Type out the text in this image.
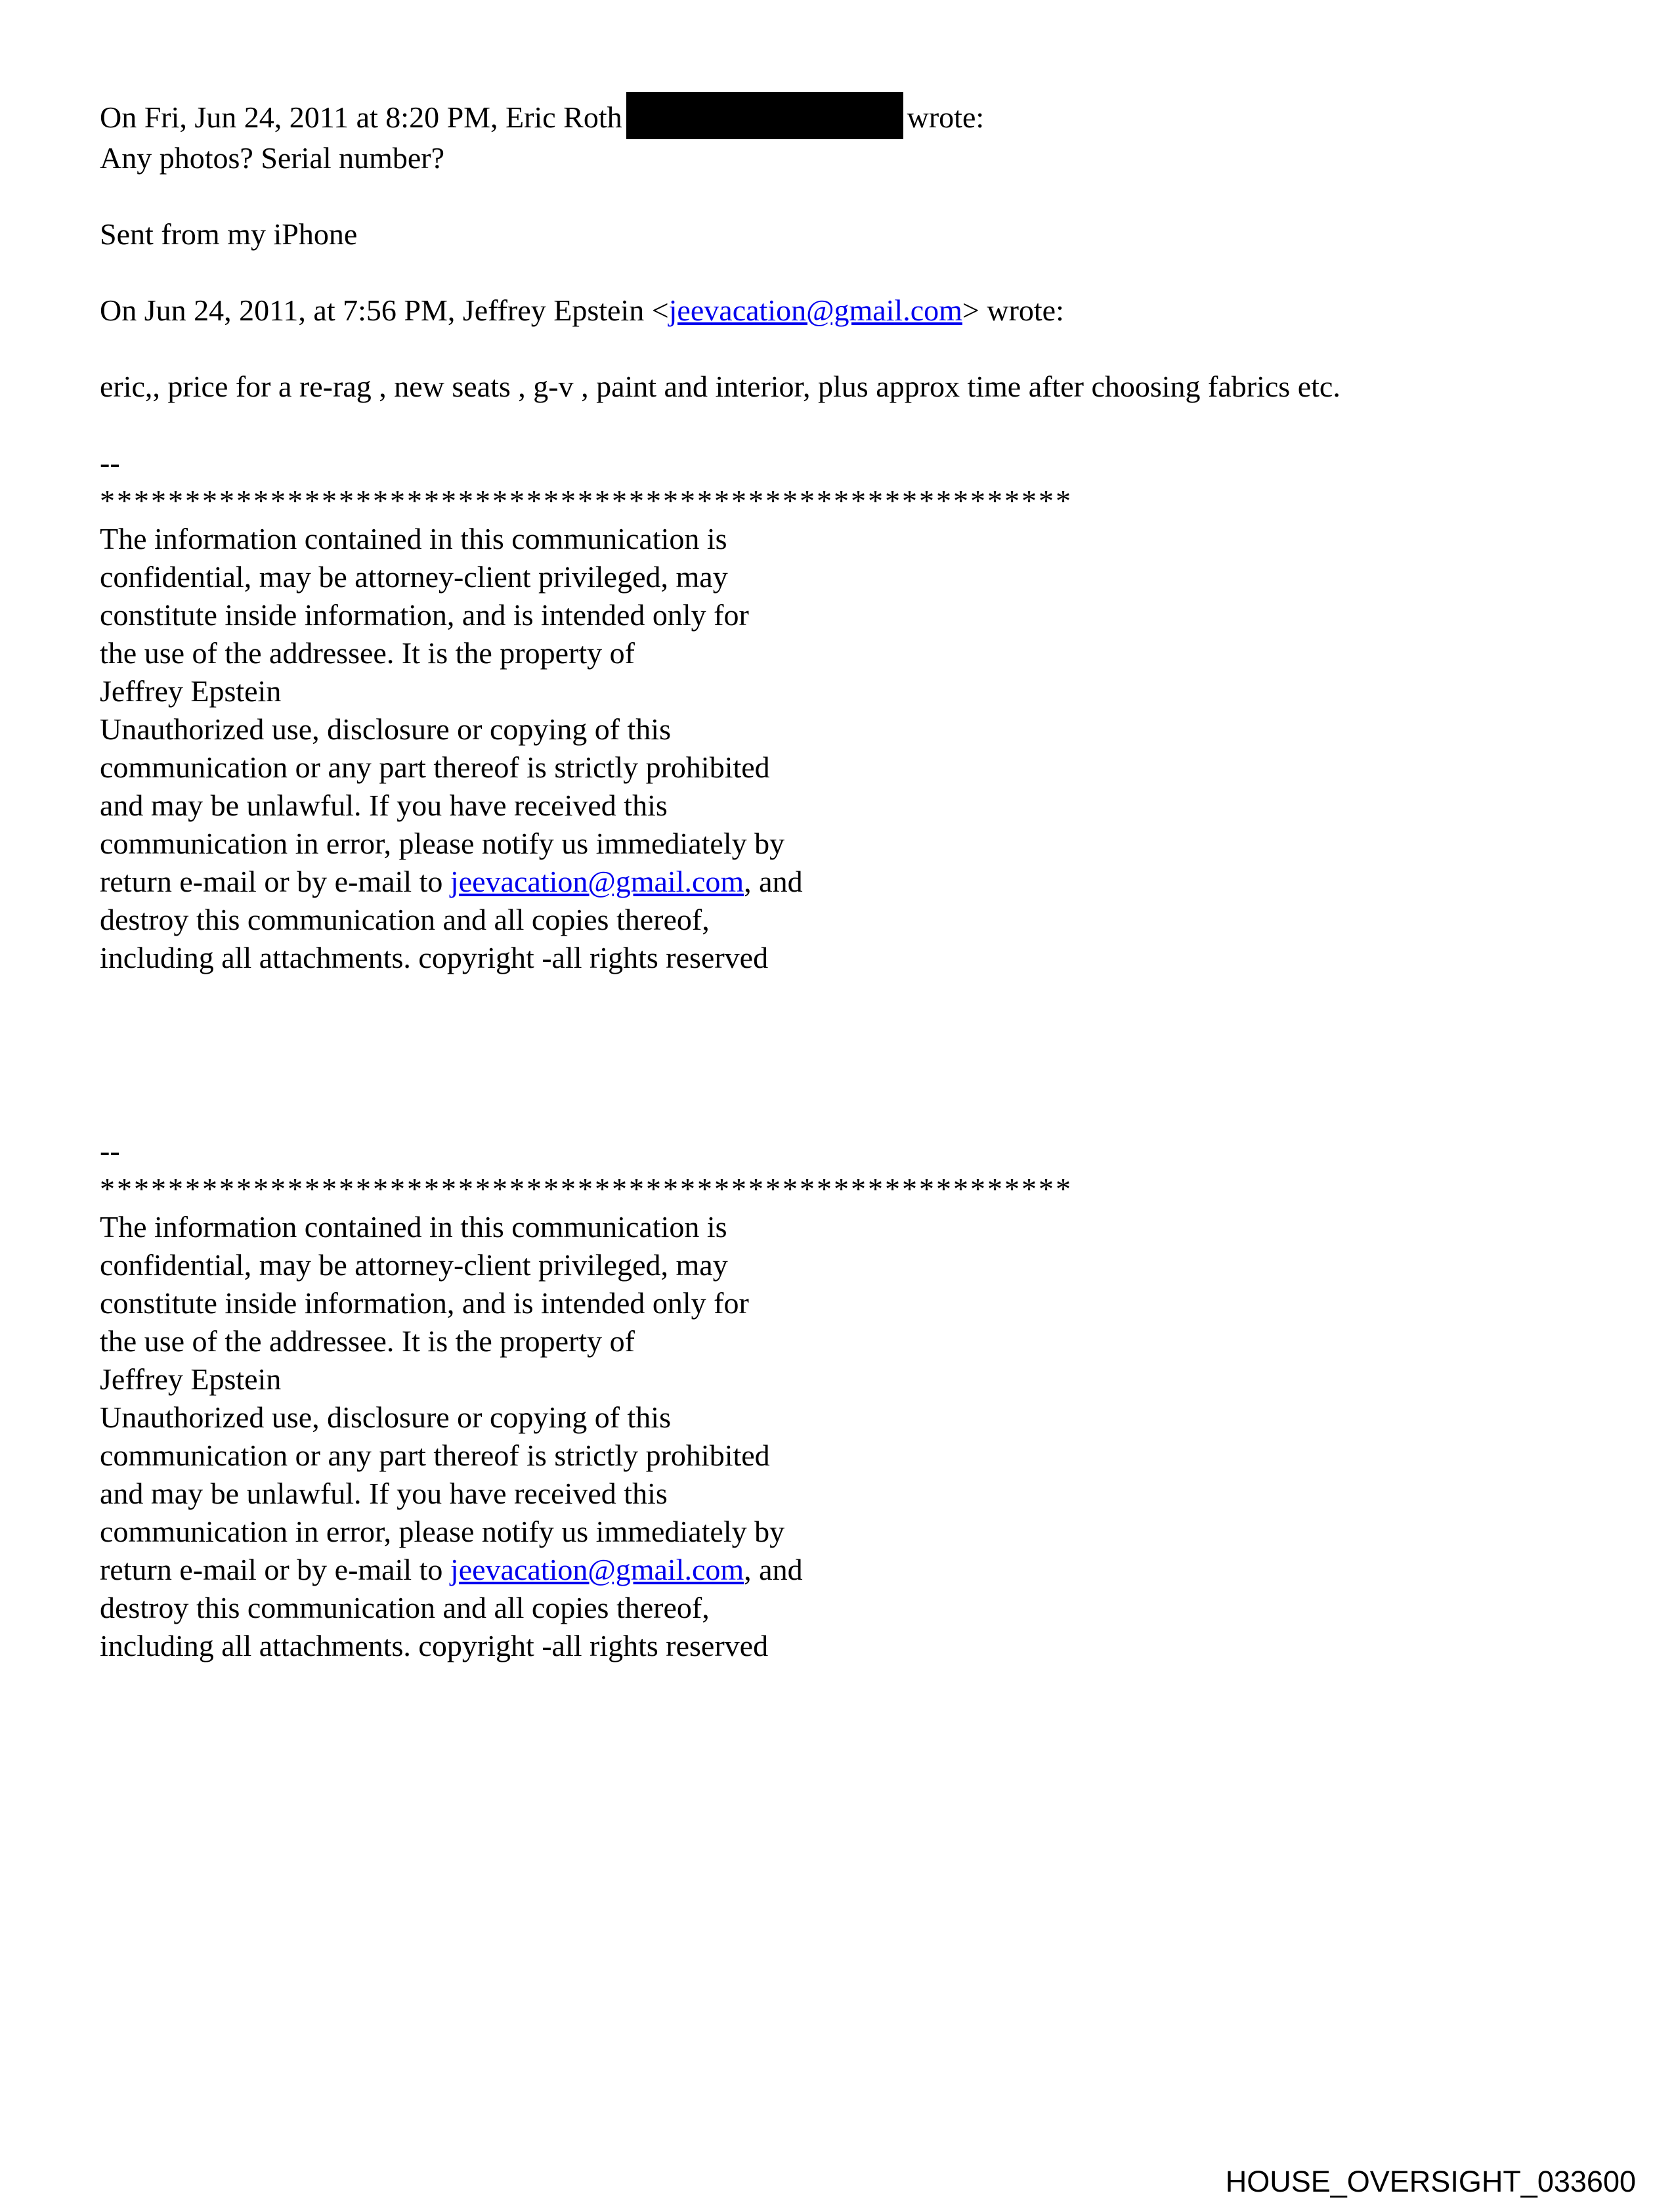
On Fri, Jun 24, 2011 at 8:20 PM, Eric Roth	wrote:
Any photos? Serial number?
Sent from my iPhone
On Jun 24, 2011, at 7:56 PM, Jeffrey Epstein <jeevacation@gmail.com> wrote:
eric,, price for a re-rag , new seats , g-v , paint and interior, plus approx time after choosing fabrics etc.
--
*********************************************************
The information contained in this communication is
confidential, may be attorney-client privileged, may
constitute inside information, and is intended only for
the use of the addressee. It is the property of
Jeffrey Epstein
Unauthorized use, disclosure or copying of this
communication or any part thereof is strictly prohibited
and may be unlawful. If you have received this
communication in error, please notify us immediately by
return e-mail or by e-mail to jeevacation@gmail.com, and
destroy this communication and all copies thereof,
including all attachments. copyright -all rights reserved
--
*********************************************************
The information contained in this communication is
confidential, may be attorney-client privileged, may
constitute inside information, and is intended only for
the use of the addressee. It is the property of
Jeffrey Epstein
Unauthorized use, disclosure or copying of this
communication or any part thereof is strictly prohibited
and may be unlawful. If you have received this
communication in error, please notify us immediately by
return e-mail or by e-mail to jeevacation@gmail.com, and
destroy this communication and all copies thereof,
including all attachments. copyright -all rights reserved
HOUSE_OVERSIGHT_033600
